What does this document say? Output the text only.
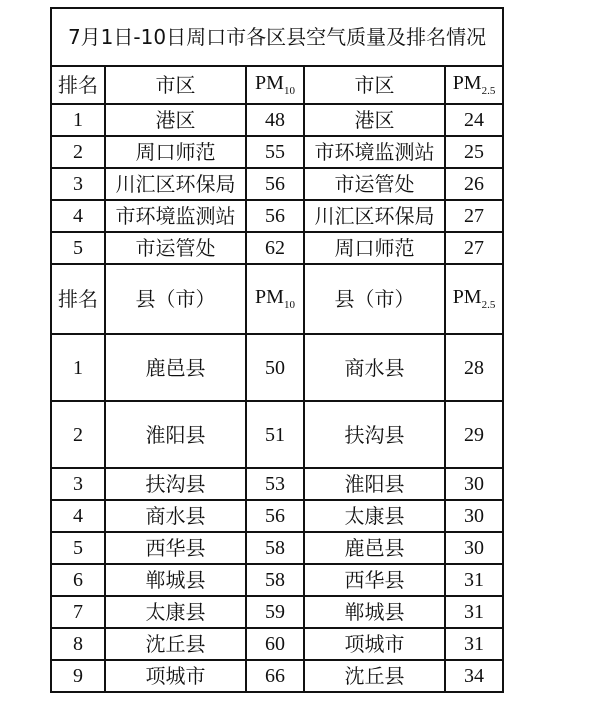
7月1日-10日周口市各区县空气质量及排名情况				
排名	市区	$PM_{10}$	市区	$PM_{2.5}$
1	港区	48	港区	24
2	周口师范	55	市环境监测站	25
3	川汇区环保局	56	市运管处	26
4	市环境监测站	56	川汇区环保局	27
5	市运管处	62	周口师范	27
排名	县（市）	$PM_{10}$	县（市）	$PM_{2.5}$
1	鹿邑县	50	商水县	28
2	淮阳县	51	扶沟县	29
3	扶沟县	53	淮阳县	30
4	商水县	56	太康县	30
5	西华县	58	鹿邑县	30
6	郸城县	58	西华县	31
7	太康县	59	郸城县	31
8	沈丘县	60	项城市	31
9	项城市	66	沈丘县	34
